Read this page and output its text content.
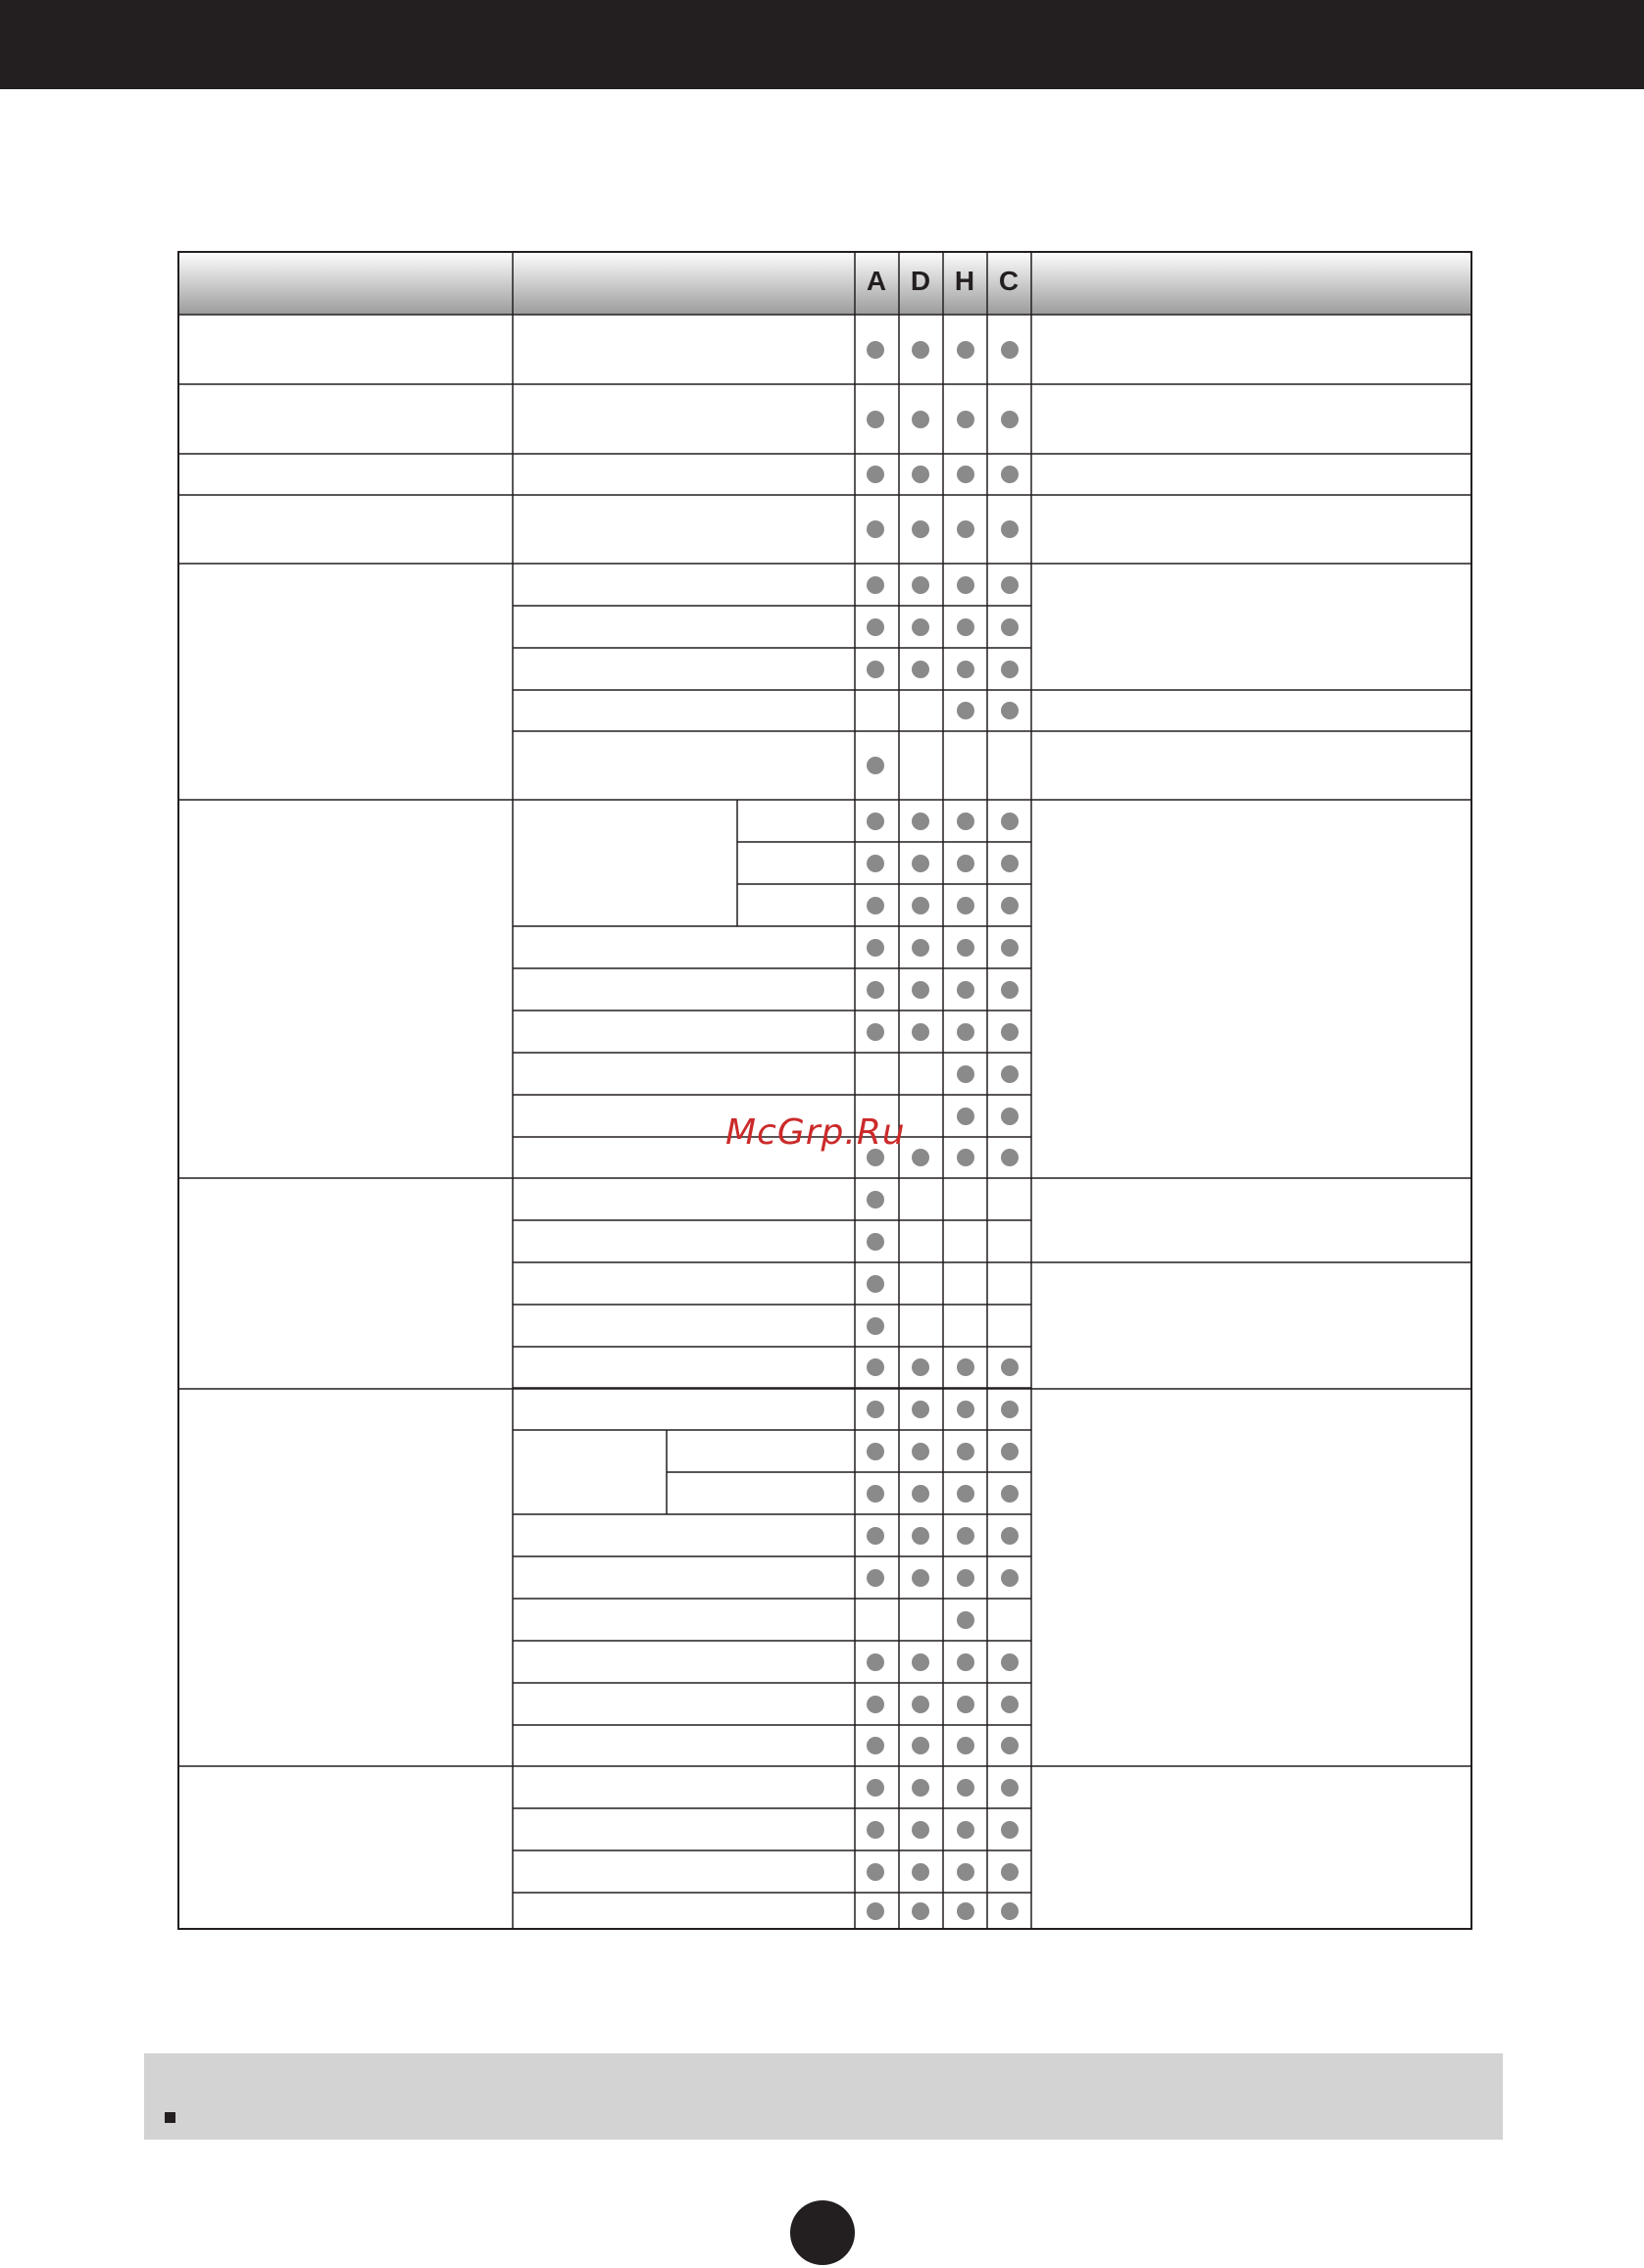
A D H C
McGrp.Ru
